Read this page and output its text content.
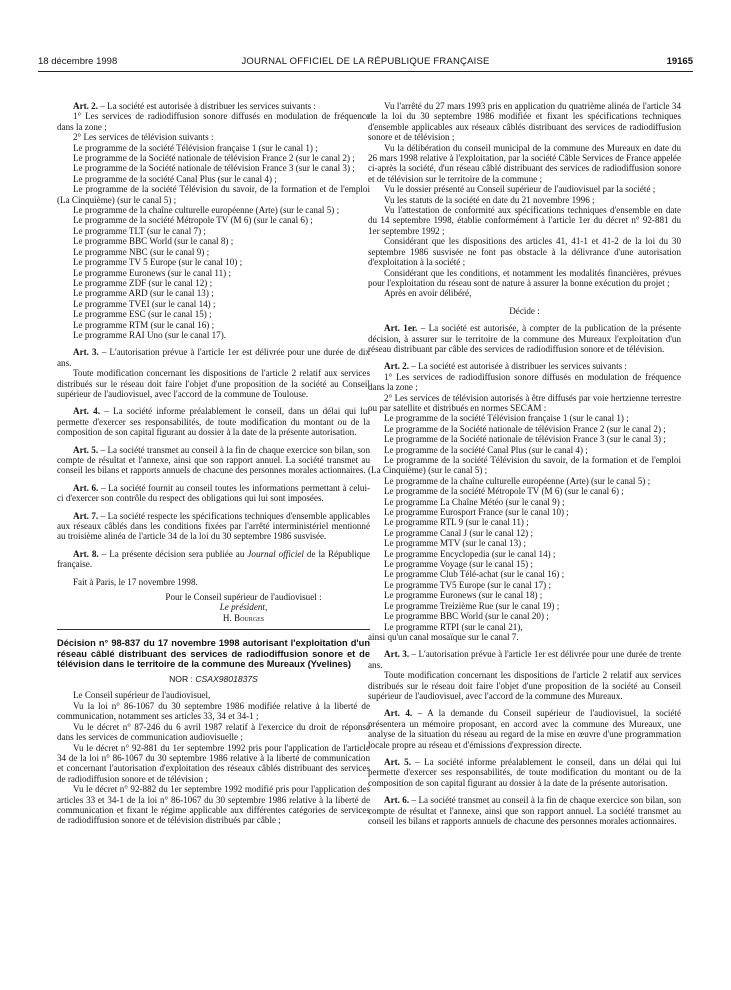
18 décembre 1998	JOURNAL OFFICIEL DE LA RÉPUBLIQUE FRANÇAISE	19165

Art. 2. – La société est autorisée à distribuer les services suivants :

1° Les services de radiodiffusion sonore diffusés en modulation de fréquence dans la zone ;

2° Les services de télévision suivants :

Le programme de la société Télévision française 1 (sur le canal 1) ;

Le programme de la Société nationale de télévision France 2 (sur le canal 2) ;

Le programme de la Société nationale de télévision France 3 (sur le canal 3) ;

Le programme de la société Canal Plus (sur le canal 4) ;

Le programme de la société Télévision du savoir, de la formation et de l'emploi (La Cinquième) (sur le canal 5) ;

Le programme de la chaîne culturelle européenne (Arte) (sur le canal 5) ;

Le programme de la société Métropole TV (M 6) (sur le canal 6) ;

Le programme TLT (sur le canal 7) ;

Le programme BBC World (sur le canal 8) ;

Le programme NBC (sur le canal 9) ;

Le programme TV 5 Europe (sur le canal 10) ;

Le programme Euronews (sur le canal 11) ;

Le programme ZDF (sur le canal 12) ;

Le programme ARD (sur le canal 13) ;

Le programme TVEI (sur le canal 14) ;

Le programme ESC (sur le canal 15) ;

Le programme RTM (sur le canal 16) ;

Le programme RAI Uno (sur le canal 17).

Art. 3. – L'autorisation prévue à l'article 1er est délivrée pour une durée de dix ans.

Toute modification concernant les dispositions de l'article 2 relatif aux services distribués sur le réseau doit faire l'objet d'une proposition de la société au Conseil supérieur de l'audiovisuel, avec l'accord de la commune de Toulouse.

Art. 4. – La société informe préalablement le conseil, dans un délai qui lui permette d'exercer ses responsabilités, de toute modification du montant ou de la composition de son capital figurant au dossier à la date de la présente autorisation.

Art. 5. – La société transmet au conseil à la fin de chaque exercice son bilan, son compte de résultat et l'annexe, ainsi que son rapport annuel. La société transmet au conseil les bilans et rapports annuels de chacune des personnes morales actionnaires.

Art. 6. – La société fournit au conseil toutes les informations permettant à celui-ci d'exercer son contrôle du respect des obligations qui lui sont imposées.

Art. 7. – La société respecte les spécifications techniques d'ensemble applicables aux réseaux câblés dans les conditions fixées par l'arrêté interministériel mentionné au troisième alinéa de l'article 34 de la loi du 30 septembre 1986 susvisée.

Art. 8. – La présente décision sera publiée au Journal officiel de la République française.

Fait à Paris, le 17 novembre 1998.

Pour le Conseil supérieur de l'audiovisuel :

Le président,

H. Bourges

Décision n° 98-837 du 17 novembre 1998 autorisant l'exploitation d'un réseau câblé distribuant des services de radiodiffusion sonore et de télévision dans le territoire de la commune des Mureaux (Yvelines)

NOR : CSAX9801837S

Le Conseil supérieur de l'audiovisuel,

Vu la loi n° 86-1067 du 30 septembre 1986 modifiée relative à la liberté de communication, notamment ses articles 33, 34 et 34-1 ;

Vu le décret n° 87-246 du 6 avril 1987 relatif à l'exercice du droit de réponse dans les services de communication audiovisuelle ;

Vu le décret n° 92-881 du 1er septembre 1992 pris pour l'application de l'article 34 de la loi n° 86-1067 du 30 septembre 1986 relative à la liberté de communication et concernant l'autorisation d'exploitation des réseaux câblés distribuant des services de radiodiffusion sonore et de télévision ;

Vu le décret n° 92-882 du 1er septembre 1992 modifié pris pour l'application des articles 33 et 34-1 de la loi n° 86-1067 du 30 septembre 1986 relative à la liberté de communication et fixant le régime applicable aux différentes catégories de services de radiodiffusion sonore et de télévision distribués par câble ;

Vu l'arrêté du 27 mars 1993 pris en application du quatrième alinéa de l'article 34 de la loi du 30 septembre 1986 modifiée et fixant les spécifications techniques d'ensemble applicables aux réseaux câblés distribuant des services de radiodiffusion sonore et de télévision ;

Vu la délibération du conseil municipal de la commune des Mureaux en date du 26 mars 1998 relative à l'exploitation, par la société Câble Services de France appelée ci-après la société, d'un réseau câblé distribuant des services de radiodiffusion sonore et de télévision sur le territoire de la commune ;

Vu le dossier présenté au Conseil supérieur de l'audiovisuel par la société ;

Vu les statuts de la société en date du 21 novembre 1996 ;

Vu l'attestation de conformité aux spécifications techniques d'ensemble en date du 14 septembre 1998, établie conformément à l'article 1er du décret n° 92-881 du 1er septembre 1992 ;

Considérant que les dispositions des articles 41, 41-1 et 41-2 de la loi du 30 septembre 1986 susvisée ne font pas obstacle à la délivrance d'une autorisation d'exploitation à la société ;

Considérant que les conditions, et notamment les modalités financières, prévues pour l'exploitation du réseau sont de nature à assurer la bonne exécution du projet ;

Après en avoir délibéré,

Décide :

Art. 1er. – La société est autorisée, à compter de la publication de la présente décision, à assurer sur le territoire de la commune des Mureaux l'exploitation d'un réseau distribuant par câble des services de radiodiffusion sonore et de télévision.

Art. 2. – La société est autorisée à distribuer les services suivants :

1° Les services de radiodiffusion sonore diffusés en modulation de fréquence dans la zone ;

2° Les services de télévision autorisés à être diffusés par voie hertzienne terrestre ou par satellite et distribués en normes SECAM :

Le programme de la société Télévision française 1 (sur le canal 1) ;

Le programme de la Société nationale de télévision France 2 (sur le canal 2) ;

Le programme de la Société nationale de télévision France 3 (sur le canal 3) ;

Le programme de la société Canal Plus (sur le canal 4) ;

Le programme de la société Télévision du savoir, de la formation et de l'emploi (La Cinquième) (sur le canal 5) ;

Le programme de la chaîne culturelle européenne (Arte) (sur le canal 5) ;

Le programme de la société Métropole TV (M 6) (sur le canal 6) ;

Le programme La Chaîne Météo (sur le canal 9) ;

Le programme Eurosport France (sur le canal 10) ;

Le programme RTL 9 (sur le canal 11) ;

Le programme Canal J (sur le canal 12) ;

Le programme MTV (sur le canal 13) ;

Le programme Encyclopedia (sur le canal 14) ;

Le programme Voyage (sur le canal 15) ;

Le programme Club Télé-achat (sur le canal 16) ;

Le programme TV5 Europe (sur le canal 17) ;

Le programme Euronews (sur le canal 18) ;

Le programme Treizième Rue (sur le canal 19) ;

Le programme BBC World (sur le canal 20) ;

Le programme RTPI (sur le canal 21),

ainsi qu'un canal mosaïque sur le canal 7.

Art. 3. – L'autorisation prévue à l'article 1er est délivrée pour une durée de trente ans.

Toute modification concernant les dispositions de l'article 2 relatif aux services distribués sur le réseau doit faire l'objet d'une proposition de la société au Conseil supérieur de l'audiovisuel, avec l'accord de la commune des Mureaux.

Art. 4. – A la demande du Conseil supérieur de l'audiovisuel, la société présentera un mémoire proposant, en accord avec la commune des Mureaux, une analyse de la situation du réseau au regard de la mise en œuvre d'une programmation locale propre au réseau et d'émissions d'expression directe.

Art. 5. – La société informe préalablement le conseil, dans un délai qui lui permette d'exercer ses responsabilités, de toute modification du montant ou de la composition de son capital figurant au dossier à la date de la présente autorisation.

Art. 6. – La société transmet au conseil à la fin de chaque exercice son bilan, son compte de résultat et l'annexe, ainsi que son rapport annuel. La société transmet au conseil les bilans et rapports annuels de chacune des personnes morales actionnaires.
